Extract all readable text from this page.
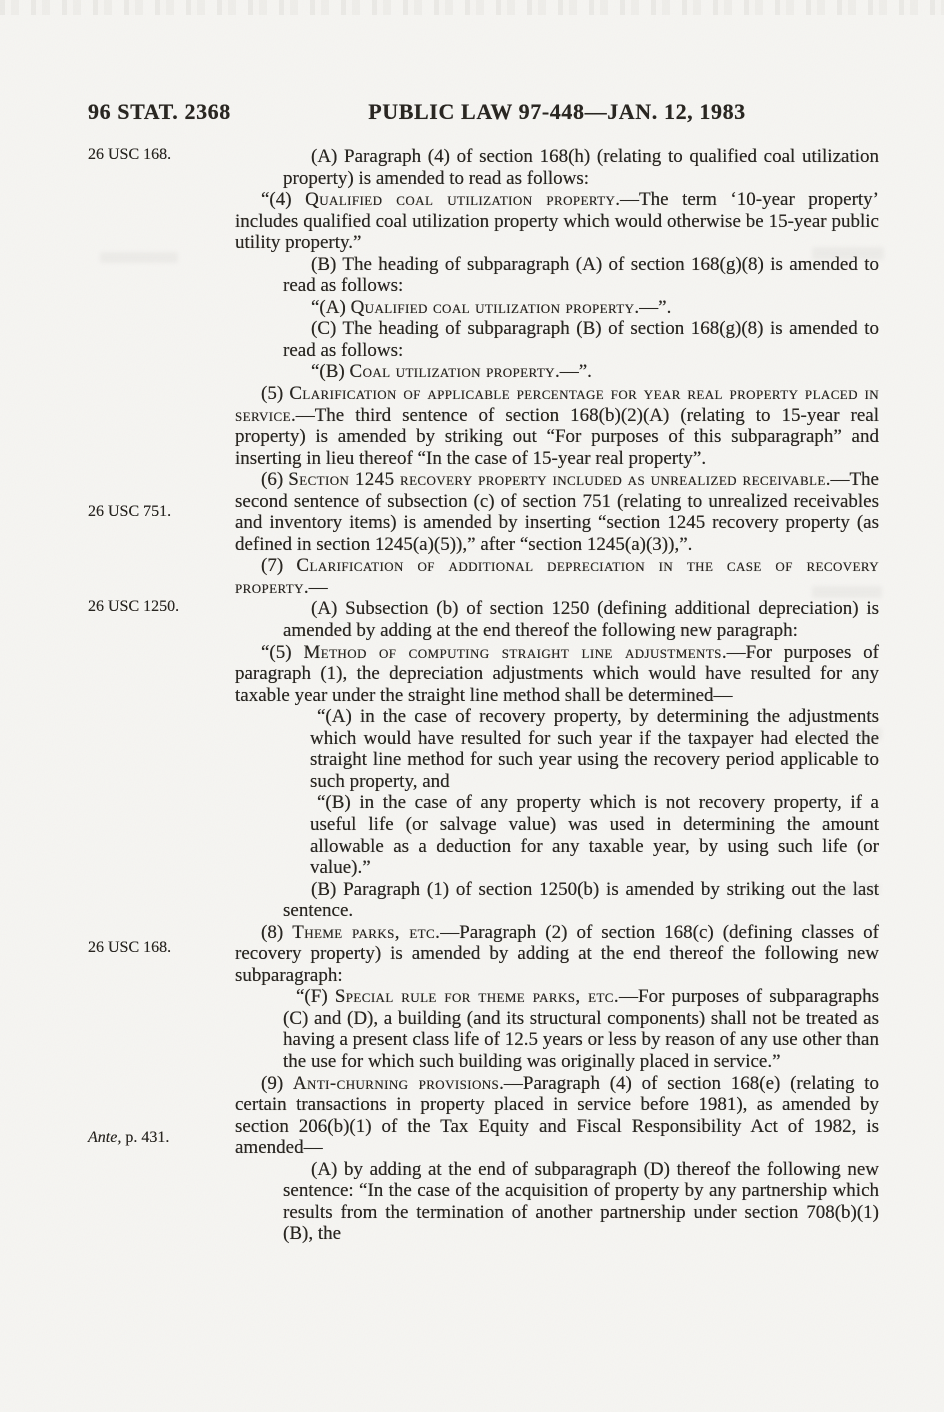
96 STAT. 2368	PUBLIC LAW 97-448—JAN. 12, 1983
26 USC 168.
26 USC 751.
26 USC 1250.
26 USC 168.
Ante, p. 431.

(A) Paragraph (4) of section 168(h) (relating to qualified coal utilization property) is amended to read as follows:

“(4) Qualified coal utilization property.—The term ‘10-year property’ includes qualified coal utilization property which would otherwise be 15-year public utility property.”

(B) The heading of subparagraph (A) of section 168(g)(8) is amended to read as follows:

“(A) Qualified coal utilization property.—”.

(C) The heading of subparagraph (B) of section 168(g)(8) is amended to read as follows:

“(B) Coal utilization property.—”.

(5) Clarification of applicable percentage for year real property placed in service.—The third sentence of section 168(b)(2)(A) (relating to 15-year real property) is amended by striking out “For purposes of this subparagraph” and inserting in lieu thereof “In the case of 15-year real property”.

(6) Section 1245 recovery property included as unrealized receivable.—The second sentence of subsection (c) of section 751 (relating to unrealized receivables and inventory items) is amended by inserting “section 1245 recovery property (as defined in section 1245(a)(5)),” after “section 1245(a)(3)),”.

(7) Clarification of additional depreciation in the case of recovery property.—

(A) Subsection (b) of section 1250 (defining additional depreciation) is amended by adding at the end thereof the following new paragraph:

“(5) Method of computing straight line adjustments.—For purposes of paragraph (1), the depreciation adjustments which would have resulted for any taxable year under the straight line method shall be determined—

“(A) in the case of recovery property, by determining the adjustments which would have resulted for such year if the taxpayer had elected the straight line method for such year using the recovery period applicable to such property, and

“(B) in the case of any property which is not recovery property, if a useful life (or salvage value) was used in determining the amount allowable as a deduction for any taxable year, by using such life (or value).”

(B) Paragraph (1) of section 1250(b) is amended by striking out the last sentence.

(8) Theme parks, etc.—Paragraph (2) of section 168(c) (defining classes of recovery property) is amended by adding at the end thereof the following new subparagraph:

“(F) Special rule for theme parks, etc.—For purposes of subparagraphs (C) and (D), a building (and its structural components) shall not be treated as having a present class life of 12.5 years or less by reason of any use other than the use for which such building was originally placed in service.”

(9) Anti-churning provisions.—Paragraph (4) of section 168(e) (relating to certain transactions in property placed in service before 1981), as amended by section 206(b)(1) of the Tax Equity and Fiscal Responsibility Act of 1982, is amended—

(A) by adding at the end of subparagraph (D) thereof the following new sentence: “In the case of the acquisition of property by any partnership which results from the termination of another partnership under section 708(b)(1)(B), the
